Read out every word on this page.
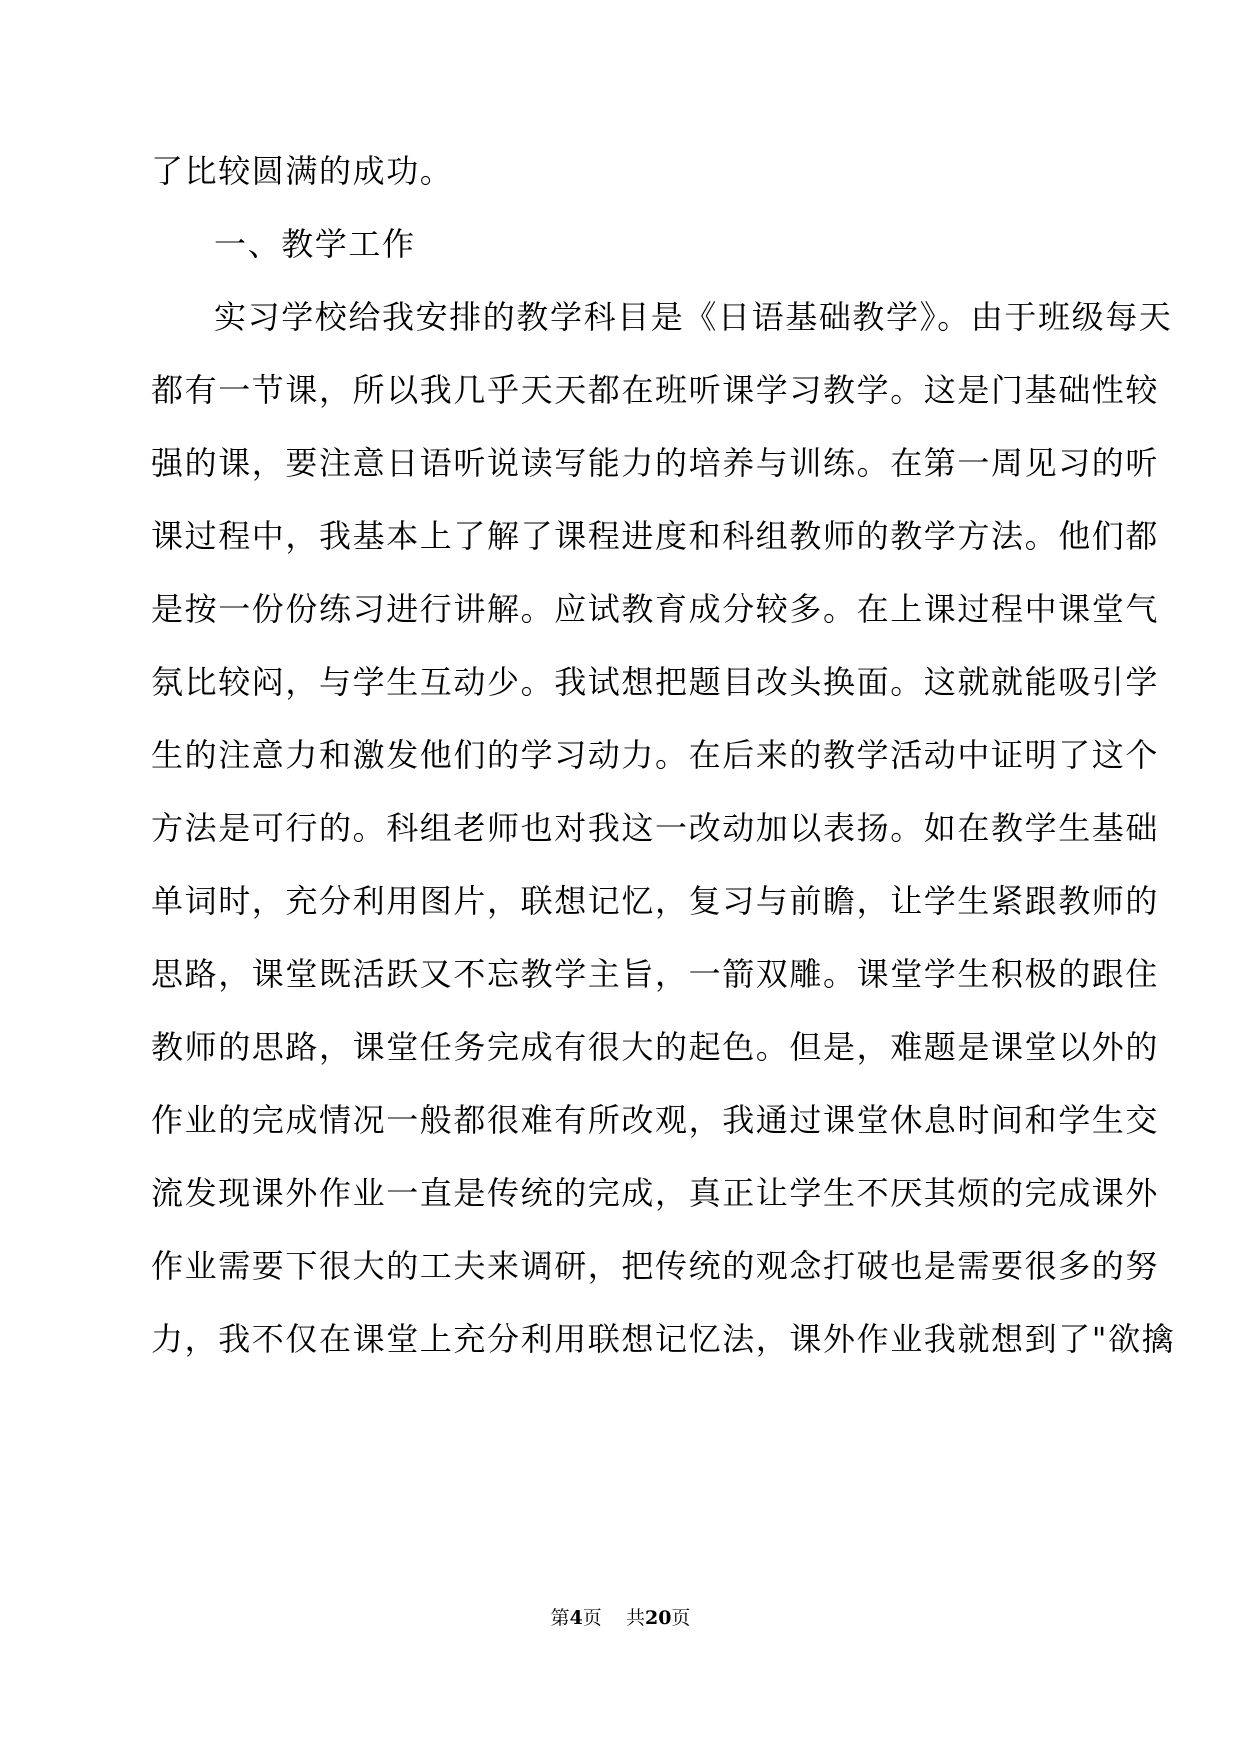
了比较圆满的成功。
一、教学工作
实习学校给我安排的教学科目是《日语基础教学》。由于班级每天
都有一节课，所以我几乎天天都在班听课学习教学。这是门基础性较
强的课，要注意日语听说读写能力的培养与训练。在第一周见习的听
课过程中，我基本上了解了课程进度和科组教师的教学方法。他们都
是按一份份练习进行讲解。应试教育成分较多。在上课过程中课堂气
氛比较闷，与学生互动少。我试想把题目改头换面。这就就能吸引学
生的注意力和激发他们的学习动力。在后来的教学活动中证明了这个
方法是可行的。科组老师也对我这一改动加以表扬。如在教学生基础
单词时，充分利用图片，联想记忆，复习与前瞻，让学生紧跟教师的
思路，课堂既活跃又不忘教学主旨，一箭双雕。课堂学生积极的跟住
教师的思路，课堂任务完成有很大的起色。但是，难题是课堂以外的
作业的完成情况一般都很难有所改观，我通过课堂休息时间和学生交
流发现课外作业一直是传统的完成，真正让学生不厌其烦的完成课外
作业需要下很大的工夫来调研，把传统的观念打破也是需要很多的努
力，我不仅在课堂上充分利用联想记忆法，课外作业我就想到了"欲擒
第4页    共20页
